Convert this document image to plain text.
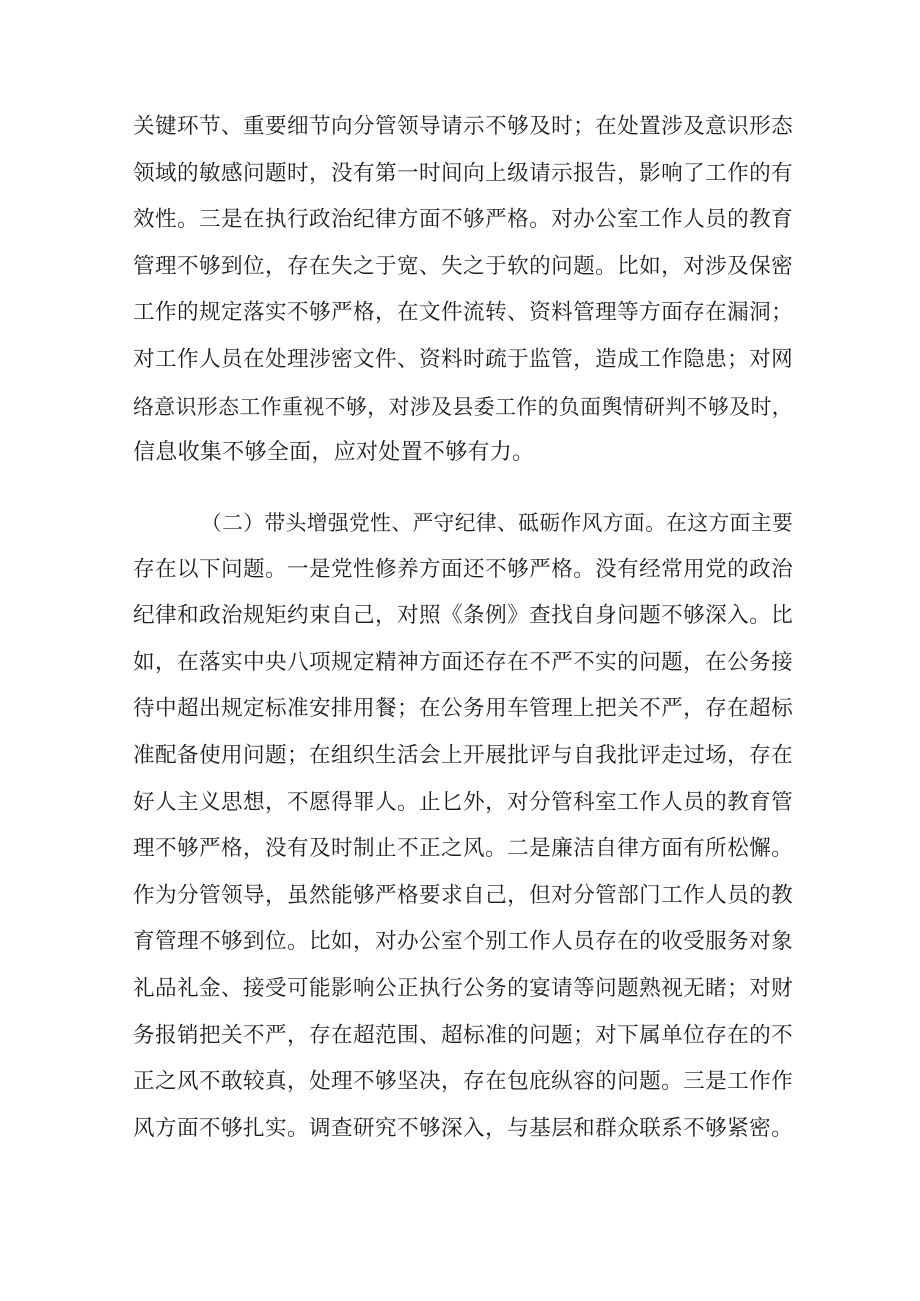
关键环节、重要细节向分管领导请示不够及时；在处置涉及意识形态
领域的敏感问题时，没有第一时间向上级请示报告，影响了工作的有
效性。三是在执行政治纪律方面不够严格。对办公室工作人员的教育
管理不够到位，存在失之于宽、失之于软的问题。比如，对涉及保密
工作的规定落实不够严格，在文件流转、资料管理等方面存在漏洞；
对工作人员在处理涉密文件、资料时疏于监管，造成工作隐患；对网
络意识形态工作重视不够，对涉及县委工作的负面舆情研判不够及时，
信息收集不够全面，应对处置不够有力。
（二）带头增强党性、严守纪律、砥砺作风方面。在这方面主要
存在以下问题。一是党性修养方面还不够严格。没有经常用党的政治
纪律和政治规矩约束自己，对照《条例》查找自身问题不够深入。比
如，在落实中央八项规定精神方面还存在不严不实的问题，在公务接
待中超出规定标准安排用餐；在公务用车管理上把关不严，存在超标
准配备使用问题；在组织生活会上开展批评与自我批评走过场，存在
好人主义思想，不愿得罪人。止匕外，对分管科室工作人员的教育管
理不够严格，没有及时制止不正之风。二是廉洁自律方面有所松懈。
作为分管领导，虽然能够严格要求自己，但对分管部门工作人员的教
育管理不够到位。比如，对办公室个别工作人员存在的收受服务对象
礼品礼金、接受可能影响公正执行公务的宴请等问题熟视无睹；对财
务报销把关不严，存在超范围、超标准的问题；对下属单位存在的不
正之风不敢较真，处理不够坚决，存在包庇纵容的问题。三是工作作
风方面不够扎实。调查研究不够深入，与基层和群众联系不够紧密。
